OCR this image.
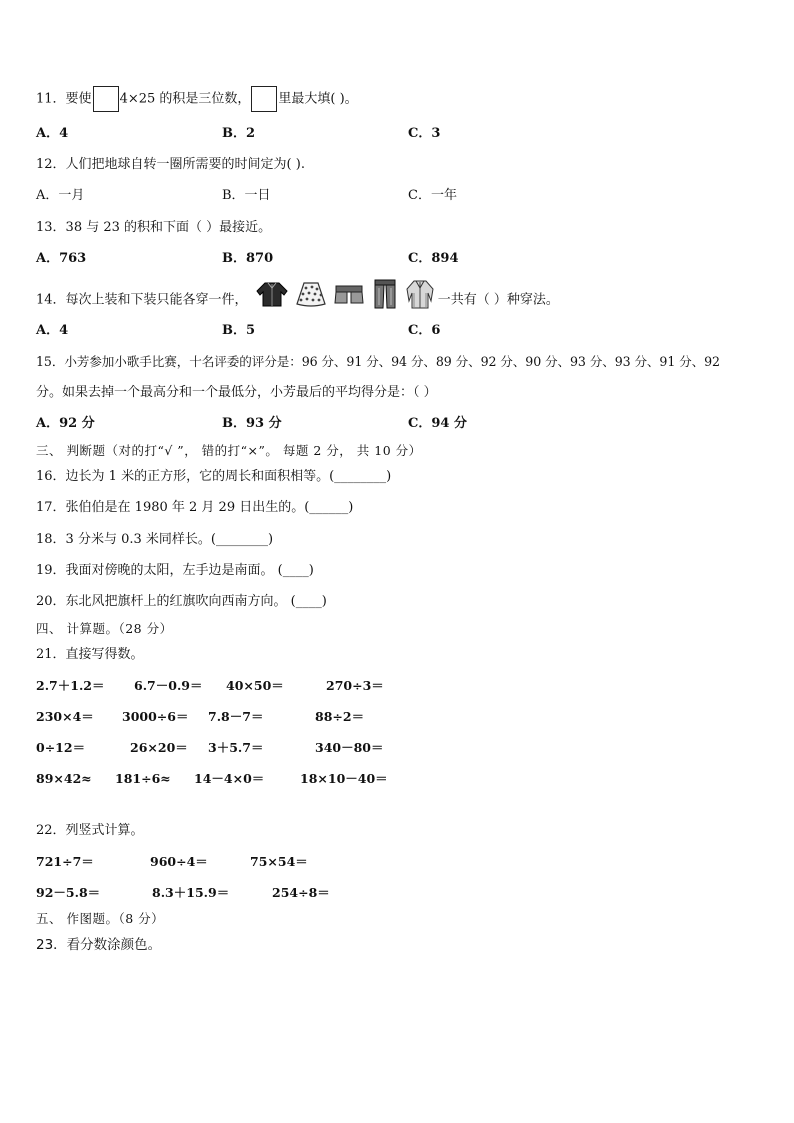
11．要使 4×25 的积是三位数， 里最大填( )。
A．4	B．2	C．3
12．人们把地球自转一圈所需要的时间定为( ).
A．一月	B．一日	C．一年
13．38 与 23 的积和下面（ ）最接近。
A．763	B．870	C．894
14．每次上装和下装只能各穿一件，	一共有（ ）种穿法。
A．4	B．5	C．6
15．小芳参加小歌手比赛，十名评委的评分是：96 分、91 分、94 分、89 分、92 分、90 分、93 分、93 分、91 分、92
分。如果去掉一个最高分和一个最低分，小芳最后的平均得分是：（ ）
A．92 分	B．93 分	C．94 分
三、 判断题（对的打“√ ”， 错的打“×”。 每题 2 分， 共 10 分）
16．边长为 1 米的正方形，它的周长和面积相等。(________)
17．张伯伯是在 1980 年 2 月 29 日出生的。(______)
18．3 分米与 0.3 米同样长。(________)
19．我面对傍晚的太阳，左手边是南面。 (____)
20．东北风把旗杆上的红旗吹向西南方向。 (____)
四、 计算题。（28 分）
21．直接写得数。
2.7＋1.2＝ 6.7－0.9＝ 40×50＝	270÷3＝
230×4＝ 3000÷6＝ 7.8－7＝	88÷2＝
0÷12＝	26×20＝ 3＋5.7＝	340－80＝
89×42≈ 181÷6≈ 14－4×0＝	18×10－40＝
22．列竖式计算。
721÷7＝	960÷4＝	75×54＝
92－5.8＝	8.3＋15.9＝	254÷8＝
五、 作图题。（8 分）
23．看分数涂颜色。
